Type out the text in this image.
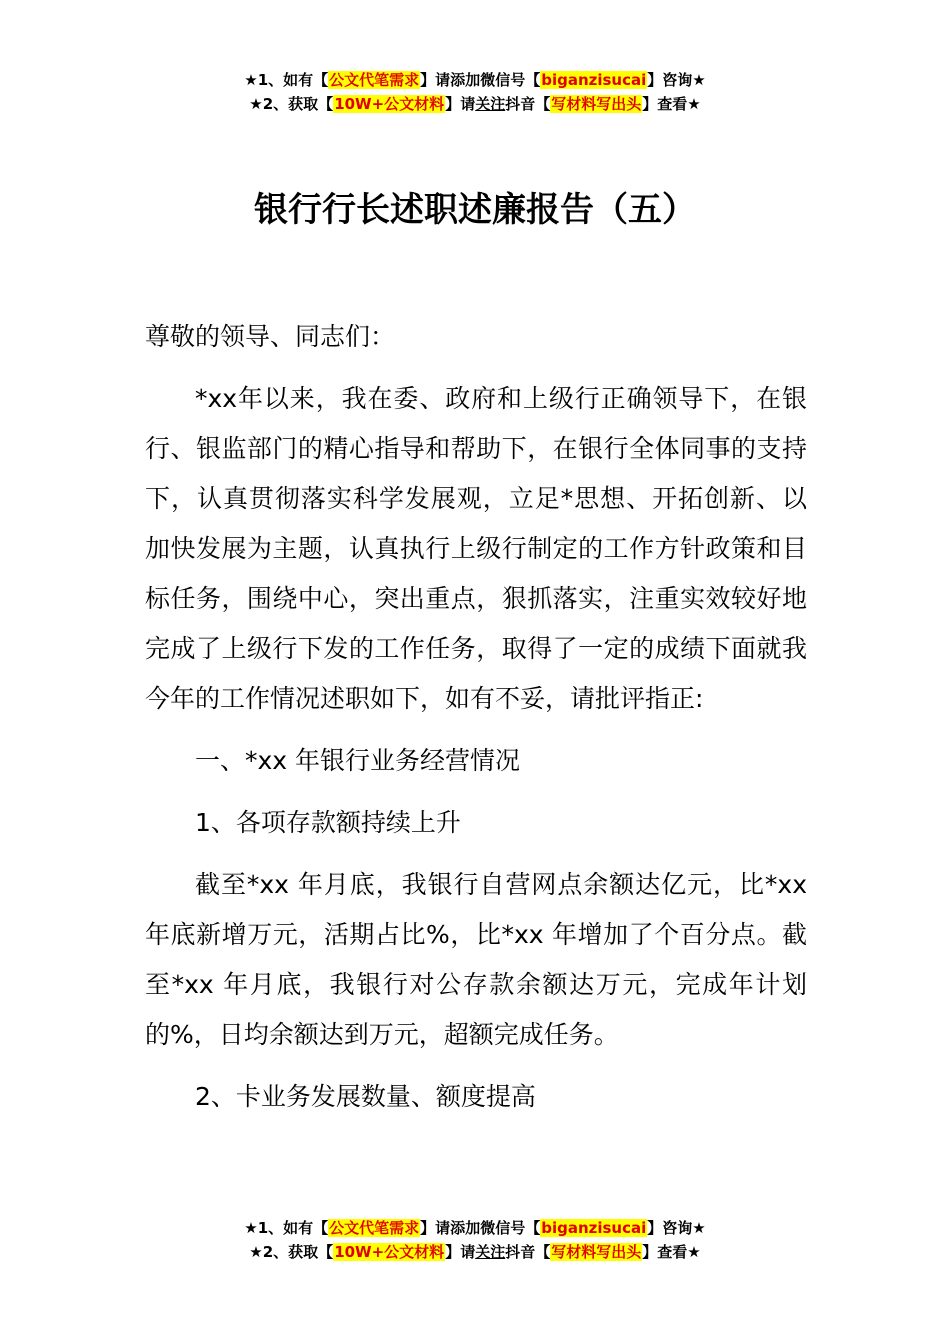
★1、如有【公文代笔需求】请添加微信号【biganzisucai】咨询★
★2、获取【10W+公文材料】请关注抖音【写材料写出头】查看★
银行行长述职述廉报告（五）

尊敬的领导、同志们：

*xx年以来，我在委、政府和上级行正确领导下，在银行、银监部门的精心指导和帮助下，在银行全体同事的支持下，认真贯彻落实科学发展观，立足*思想、开拓创新、以加快发展为主题，认真执行上级行制定的工作方针政策和目标任务，围绕中心，突出重点，狠抓落实，注重实效较好地完成了上级行下发的工作任务，取得了一定的成绩下面就我今年的工作情况述职如下，如有不妥，请批评指正:

一、*xx 年银行业务经营情况

1、各项存款额持续上升

截至*xx 年月底，我银行自营网点余额达亿元，比*xx 年底新增万元，活期占比%，比*xx 年增加了个百分点。截至*xx 年月底，我银行对公存款余额达万元，完成年计划的%，日均余额达到万元，超额完成任务。

2、卡业务发展数量、额度提高

★1、如有【公文代笔需求】请添加微信号【biganzisucai】咨询★
★2、获取【10W+公文材料】请关注抖音【写材料写出头】查看★
